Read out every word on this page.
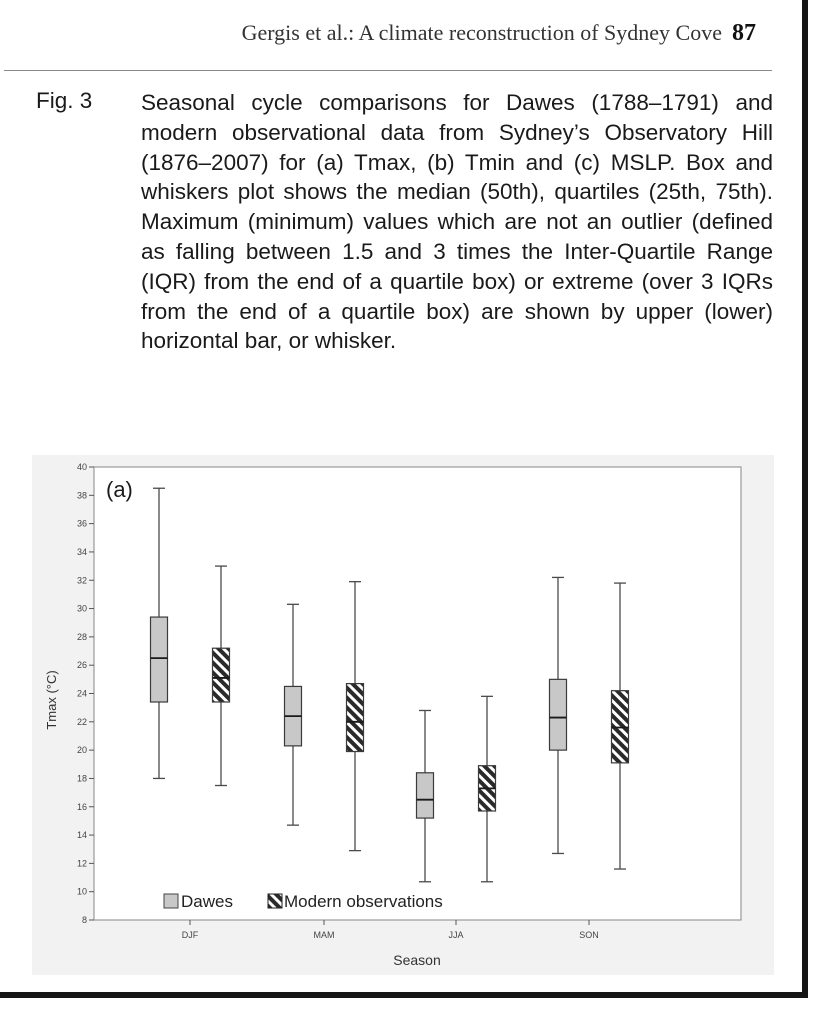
Gergis et al.: A climate reconstruction of Sydney Cove 87
Fig. 3 Seasonal cycle comparisons for Dawes (1788–1791) and modern observational data from Sydney’s Observatory Hill (1876–2007) for (a) Tmax, (b) Tmin and (c) MSLP. Box and whiskers plot shows the median (50th), quartiles (25th, 75th). Maximum (minimum) values which are not an outlier (defined as falling between 1.5 and 3 times the Inter-Quartile Range (IQR) from the end of a quartile box) or extreme (over 3 IQRs from the end of a quartile box) are shown by upper (lower) horizontal bar, or whisker.
8
10
12
14
16
18
20
22
24
26
28
30
32
34
36
38
40
DJF	MAM	JJA	SON
(a)
Tmax (°C)
Season
Dawes	Modern observations
